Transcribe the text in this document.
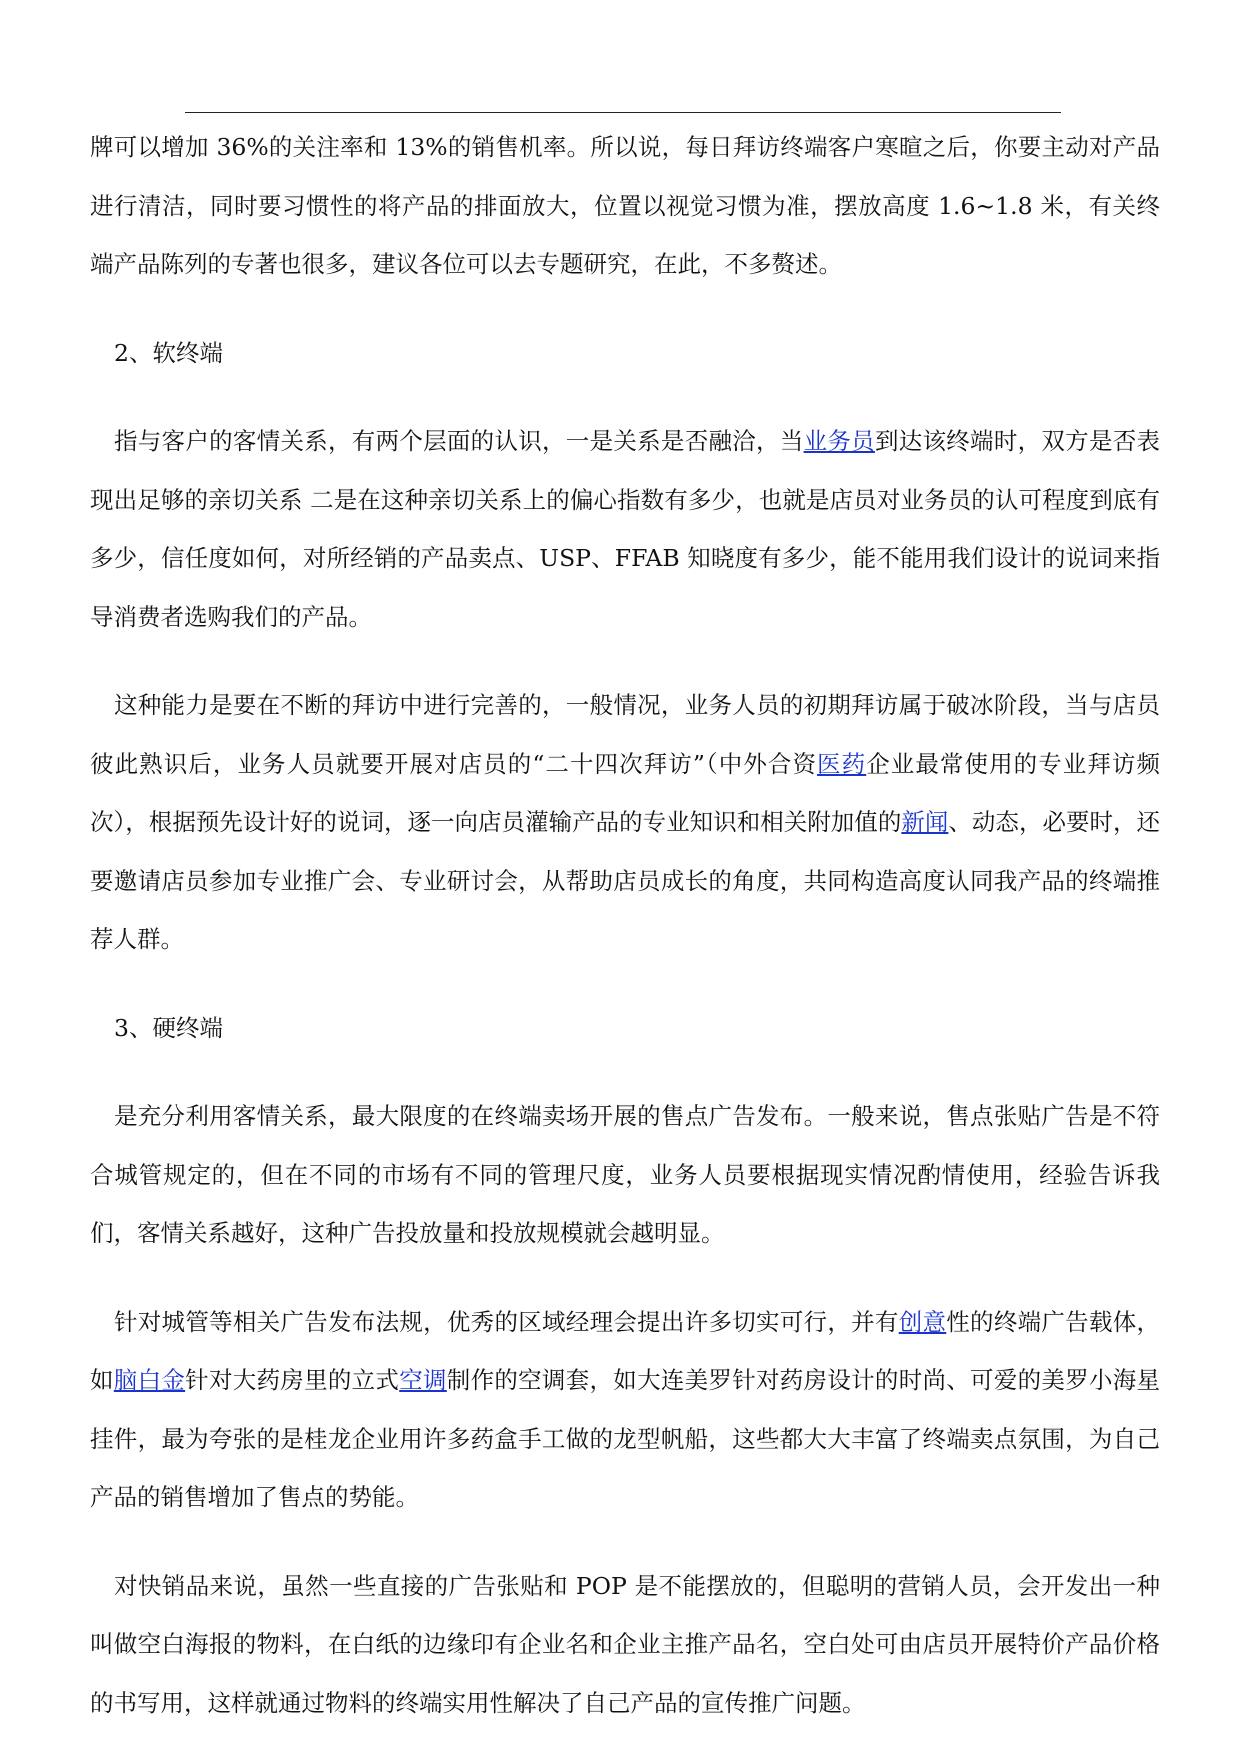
牌可以增加 36%的关注率和 13%的销售机率。所以说，每日拜访终端客户寒暄之后，你要主动对产品进行清洁，同时要习惯性的将产品的排面放大，位置以视觉习惯为准，摆放高度 1.6~1.8 米，有关终端产品陈列的专著也很多，建议各位可以去专题研究，在此，不多赘述。

2、软终端

指与客户的客情关系，有两个层面的认识，一是关系是否融洽，当业务员到达该终端时，双方是否表现出足够的亲切关系 二是在这种亲切关系上的偏心指数有多少，也就是店员对业务员的认可程度到底有多少，信任度如何，对所经销的产品卖点、USP、FFAB 知晓度有多少，能不能用我们设计的说词来指导消费者选购我们的产品。

这种能力是要在不断的拜访中进行完善的，一般情况，业务人员的初期拜访属于破冰阶段，当与店员彼此熟识后，业务人员就要开展对店员的“二十四次拜访”（中外合资医药企业最常使用的专业拜访频次），根据预先设计好的说词，逐一向店员灌输产品的专业知识和相关附加值的新闻、动态，必要时，还要邀请店员参加专业推广会、专业研讨会，从帮助店员成长的角度，共同构造高度认同我产品的终端推荐人群。

3、硬终端

是充分利用客情关系，最大限度的在终端卖场开展的售点广告发布。一般来说，售点张贴广告是不符合城管规定的，但在不同的市场有不同的管理尺度，业务人员要根据现实情况酌情使用，经验告诉我们，客情关系越好，这种广告投放量和投放规模就会越明显。

针对城管等相关广告发布法规，优秀的区域经理会提出许多切实可行，并有创意性的终端广告载体，如脑白金针对大药房里的立式空调制作的空调套，如大连美罗针对药房设计的时尚、可爱的美罗小海星挂件，最为夸张的是桂龙企业用许多药盒手工做的龙型帆船，这些都大大丰富了终端卖点氛围，为自己产品的销售增加了售点的势能。

对快销品来说，虽然一些直接的广告张贴和 POP 是不能摆放的，但聪明的营销人员，会开发出一种叫做空白海报的物料，在白纸的边缘印有企业名和企业主推产品名，空白处可由店员开展特价产品价格的书写用，这样就通过物料的终端实用性解决了自己产品的宣传推广问题。
